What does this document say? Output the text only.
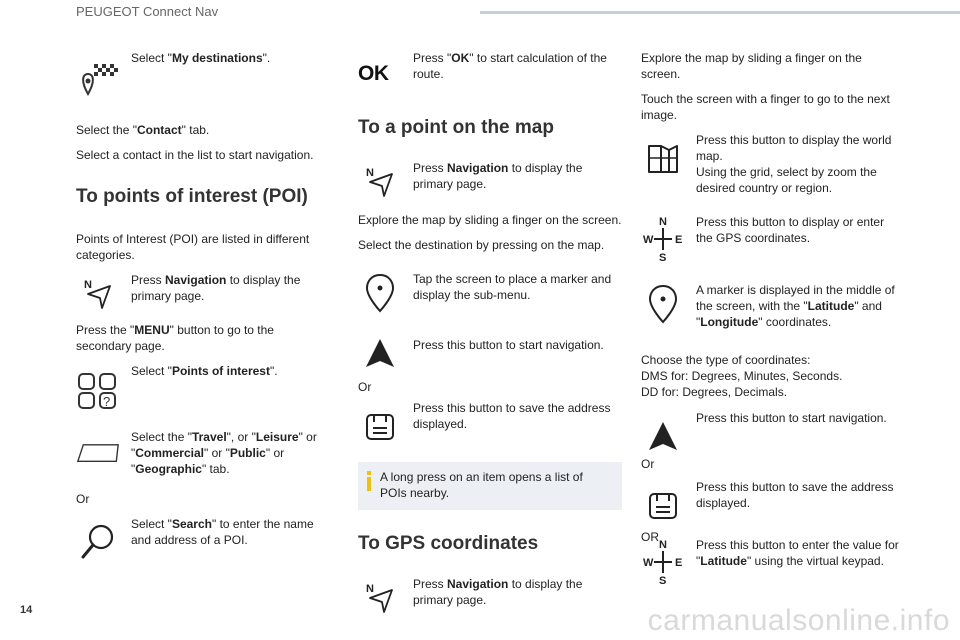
PEUGEOT Connect Nav
Select "My destinations".

Select the "Contact" tab.

Select a contact in the list to start navigation.

To points of interest (POI)

Points of Interest (POI) are listed in different categories.

N	Press Navigation to display the primary page.

Press the "MENU" button to go to the secondary page.

?
Select "Points of interest".
Select the "Travel", or "Leisure" or "Commercial" or "Public" or "Geographic" tab.

Or

Select "Search" to enter the name and address of a POI.
OK
Press "OK" to start calculation of the route.
To a point on the map
N	Press Navigation to display the primary page.

Explore the map by sliding a finger on the screen.

Select the destination by pressing on the map.

Tap the screen to place a marker and display the sub-menu.
Press this button to start navigation.

Or

Press this button to save the address displayed.
A long press on an item opens a list of POIs nearby.
To GPS coordinates
N	Press Navigation to display the primary page.

Explore the map by sliding a finger on the screen.

Touch the screen with a finger to go to the next image.

Press this button to display the world map.
Using the grid, select by zoom the desired country or region.
N
W E
S
Press this button to display or enter the GPS coordinates.
A marker is displayed in the middle of the screen, with the "Latitude" and "Longitude" coordinates.
Choose the type of coordinates:
DMS for: Degrees, Minutes, Seconds.
DD for: Degrees, Decimals.
Press this button to start navigation.

Or

Press this button to save the address displayed.

OR

N
W E
S
Press this button to enter the value for "Latitude" using the virtual keypad.
14	carmanualsonline.info
